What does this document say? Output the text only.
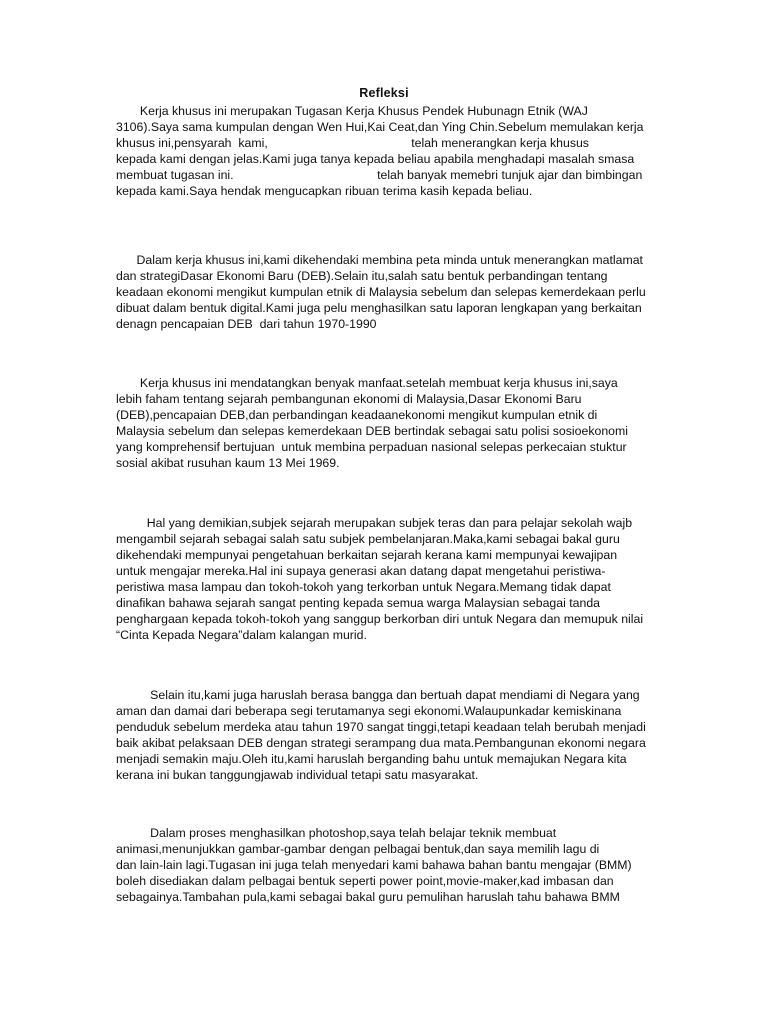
Refleksi
Kerja khusus ini merupakan Tugasan Kerja Khusus Pendek Hubunagn Etnik (WAJ
3106).Saya sama kumpulan dengan Wen Hui,Kai Ceat,dan Ying Chin.Sebelum memulakan kerja
khusus ini,pensyarah  kami,                                          telah menerangkan kerja khusus
kepada kami dengan jelas.Kami juga tanya kepada beliau apabila menghadapi masalah smasa
membuat tugasan ini.                                          telah banyak memebri tunjuk ajar dan bimbingan
kepada kami.Saya hendak mengucapkan ribuan terima kasih kepada beliau.
Dalam kerja khusus ini,kami dikehendaki membina peta minda untuk menerangkan matlamat
dan strategiDasar Ekonomi Baru (DEB).Selain itu,salah satu bentuk perbandingan tentang
keadaan ekonomi mengikut kumpulan etnik di Malaysia sebelum dan selepas kemerdekaan perlu
dibuat dalam bentuk digital.Kami juga pelu menghasilkan satu laporan lengkapan yang berkaitan
denagn pencapaian DEB  dari tahun 1970-1990
Kerja khusus ini mendatangkan benyak manfaat.setelah membuat kerja khusus ini,saya
lebih faham tentang sejarah pembangunan ekonomi di Malaysia,Dasar Ekonomi Baru
(DEB),pencapaian DEB,dan perbandingan keadaanekonomi mengikut kumpulan etnik di
Malaysia sebelum dan selepas kemerdekaan DEB bertindak sebagai satu polisi sosioekonomi
yang komprehensif bertujuan  untuk membina perpaduan nasional selepas perkecaian stuktur
sosial akibat rusuhan kaum 13 Mei 1969.
Hal yang demikian,subjek sejarah merupakan subjek teras dan para pelajar sekolah wajb
mengambil sejarah sebagai salah satu subjek pembelanjaran.Maka,kami sebagai bakal guru
dikehendaki mempunyai pengetahuan berkaitan sejarah kerana kami mempunyai kewajipan
untuk mengajar mereka.Hal ini supaya generasi akan datang dapat mengetahui peristiwa-
peristiwa masa lampau dan tokoh-tokoh yang terkorban untuk Negara.Memang tidak dapat
dinafikan bahawa sejarah sangat penting kepada semua warga Malaysian sebagai tanda
penghargaan kepada tokoh-tokoh yang sanggup berkorban diri untuk Negara dan memupuk nilai
“Cinta Kepada Negara”dalam kalangan murid.
Selain itu,kami juga haruslah berasa bangga dan bertuah dapat mendiami di Negara yang
aman dan damai dari beberapa segi terutamanya segi ekonomi.Walaupunkadar kemiskinana
penduduk sebelum merdeka atau tahun 1970 sangat tinggi,tetapi keadaan telah berubah menjadi
baik akibat pelaksaan DEB dengan strategi serampang dua mata.Pembangunan ekonomi negara
menjadi semakin maju.Oleh itu,kami haruslah berganding bahu untuk memajukan Negara kita
kerana ini bukan tanggungjawab individual tetapi satu masyarakat.
Dalam proses menghasilkan photoshop,saya telah belajar teknik membuat
animasi,menunjukkan gambar-gambar dengan pelbagai bentuk,dan saya memilih lagu di
dan lain-lain lagi.Tugasan ini juga telah menyedari kami bahawa bahan bantu mengajar (BMM)
boleh disediakan dalam pelbagai bentuk seperti power point,movie-maker,kad imbasan dan
sebagainya.Tambahan pula,kami sebagai bakal guru pemulihan haruslah tahu bahawa BMM
